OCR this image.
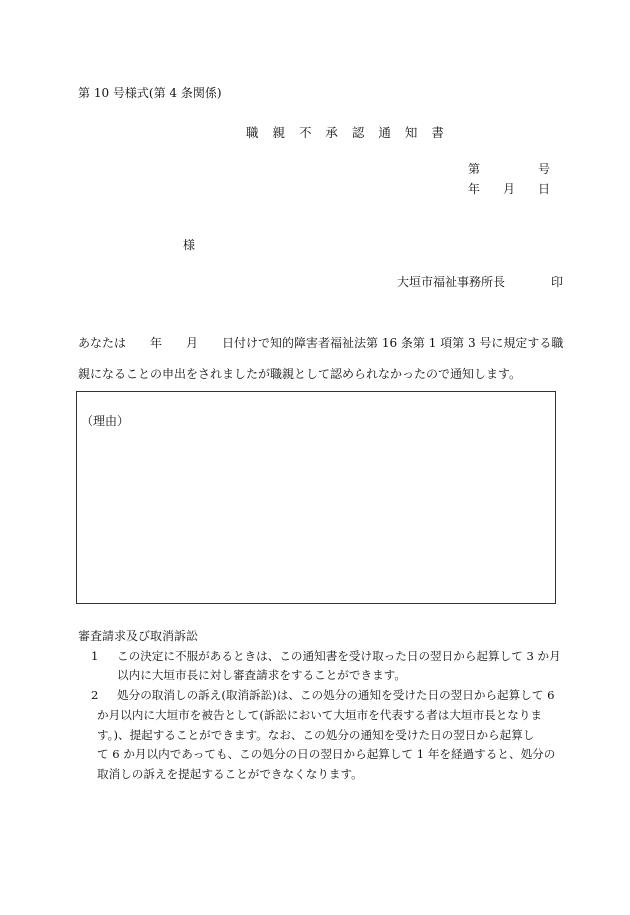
第 10 号様式(第 4 条関係)
職 親 不 承 認 通 知 書
第	号
年 月 日
様
大垣市福祉事務所長	印
あなたは　　年　　月　　日付けで知的障害者福祉法第 16 条第 1 項第 3 号に規定する職
親になることの申出をされましたが職親として認められなかったので通知します。
（理由）
審査請求及び取消訴訟
1 この決定に不服があるときは、この通知書を受け取った日の翌日から起算して 3 か月
以内に大垣市長に対し審査請求をすることができます。
2 処分の取消しの訴え(取消訴訟)は、この処分の通知を受けた日の翌日から起算して 6
か月以内に大垣市を被告として(訴訟において大垣市を代表する者は大垣市長となりま
す。)、提起することができます。なお、この処分の通知を受けた日の翌日から起算し
て 6 か月以内であっても、この処分の日の翌日から起算して 1 年を経過すると、処分の
取消しの訴えを提起することができなくなります。
